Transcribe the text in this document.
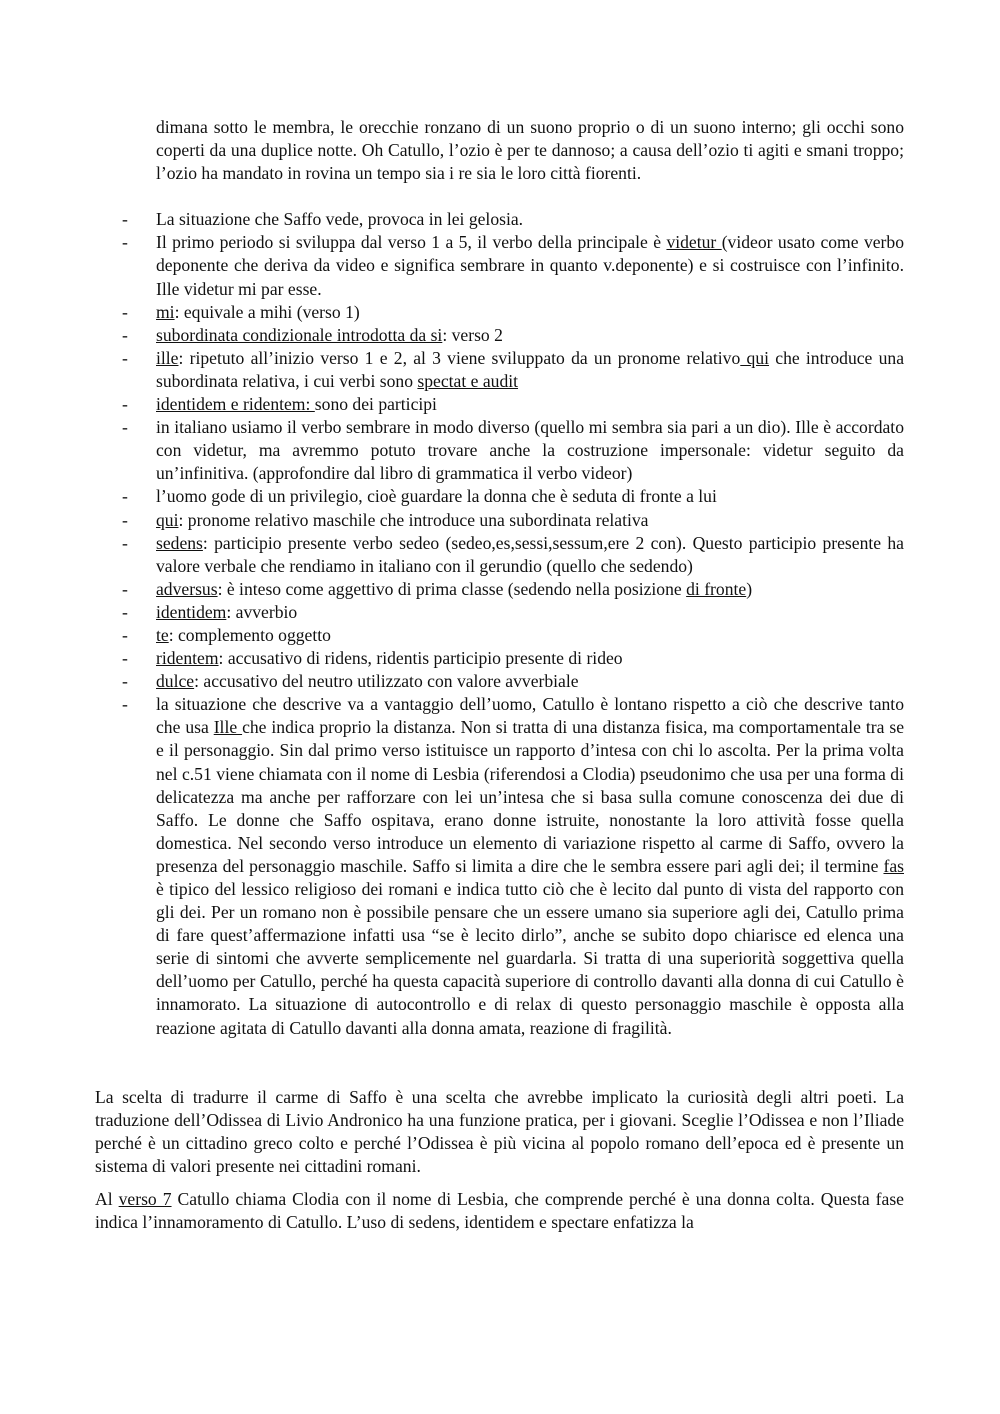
dimana sotto le membra, le orecchie ronzano di un suono proprio o di un suono interno; gli occhi sono coperti da una duplice notte. Oh Catullo, l’ozio è per te dannoso; a causa dell’ozio ti agiti e smani troppo; l’ozio ha mandato in rovina un tempo sia i re sia le loro città fiorenti.

- La situazione che Saffo vede, provoca in lei gelosia.
- Il primo periodo si sviluppa dal verso 1 a 5, il verbo della principale è videtur (videor usato come verbo deponente che deriva da video e significa sembrare in quanto v.deponente) e si costruisce con l’infinito. Ille videtur mi par esse.
- mi: equivale a mihi (verso 1)
- subordinata condizionale introdotta da si: verso 2
- ille: ripetuto all’inizio verso 1 e 2, al 3 viene sviluppato da un pronome relativo qui che introduce una subordinata relativa, i cui verbi sono spectat e audit
- identidem e ridentem: sono dei participi
- in italiano usiamo il verbo sembrare in modo diverso (quello mi sembra sia pari a un dio). Ille è accordato con videtur, ma avremmo potuto trovare anche la costruzione impersonale: videtur seguito da un’infinitiva. (approfondire dal libro di grammatica il verbo videor)
- l’uomo gode di un privilegio, cioè guardare la donna che è seduta di fronte a lui
- qui: pronome relativo maschile che introduce una subordinata relativa
- sedens: participio presente verbo sedeo (sedeo,es,sessi,sessum,ere 2 con). Questo participio presente ha valore verbale che rendiamo in italiano con il gerundio (quello che sedendo)
- adversus: è inteso come aggettivo di prima classe (sedendo nella posizione di fronte)
- identidem: avverbio
- te: complemento oggetto
- ridentem: accusativo di ridens, ridentis participio presente di rideo
- dulce: accusativo del neutro utilizzato con valore avverbiale
- la situazione che descrive va a vantaggio dell’uomo, Catullo è lontano rispetto a ciò che descrive tanto che usa Ille che indica proprio la distanza. Non si tratta di una distanza fisica, ma comportamentale tra se e il personaggio. Sin dal primo verso istituisce un rapporto d’intesa con chi lo ascolta. Per la prima volta nel c.51 viene chiamata con il nome di Lesbia (riferendosi a Clodia) pseudonimo che usa per una forma di delicatezza ma anche per rafforzare con lei un’intesa che si basa sulla comune conoscenza dei due di Saffo. Le donne che Saffo ospitava, erano donne istruite, nonostante la loro attività fosse quella domestica. Nel secondo verso introduce un elemento di variazione rispetto al carme di Saffo, ovvero la presenza del personaggio maschile. Saffo si limita a dire che le sembra essere pari agli dei; il termine fas è tipico del lessico religioso dei romani e indica tutto ciò che è lecito dal punto di vista del rapporto con gli dei. Per un romano non è possibile pensare che un essere umano sia superiore agli dei, Catullo prima di fare quest’affermazione infatti usa “se è lecito dirlo”, anche se subito dopo chiarisce ed elenca una serie di sintomi che avverte semplicemente nel guardarla. Si tratta di una superiorità soggettiva quella dell’uomo per Catullo, perché ha questa capacità superiore di controllo davanti alla donna di cui Catullo è innamorato. La situazione di autocontrollo e di relax di questo personaggio maschile è opposta alla reazione agitata di Catullo davanti alla donna amata, reazione di fragilità.

La scelta di tradurre il carme di Saffo è una scelta che avrebbe implicato la curiosità degli altri poeti. La traduzione dell’Odissea di Livio Andronico ha una funzione pratica, per i giovani. Sceglie l’Odissea e non l’Iliade perché è un cittadino greco colto e perché l’Odissea è più vicina al popolo romano dell’epoca ed è presente un sistema di valori presente nei cittadini romani.

Al verso 7 Catullo chiama Clodia con il nome di Lesbia, che comprende perché è una donna colta. Questa fase indica l’innamoramento di Catullo. L’uso di sedens, identidem e spectare enfatizza la
